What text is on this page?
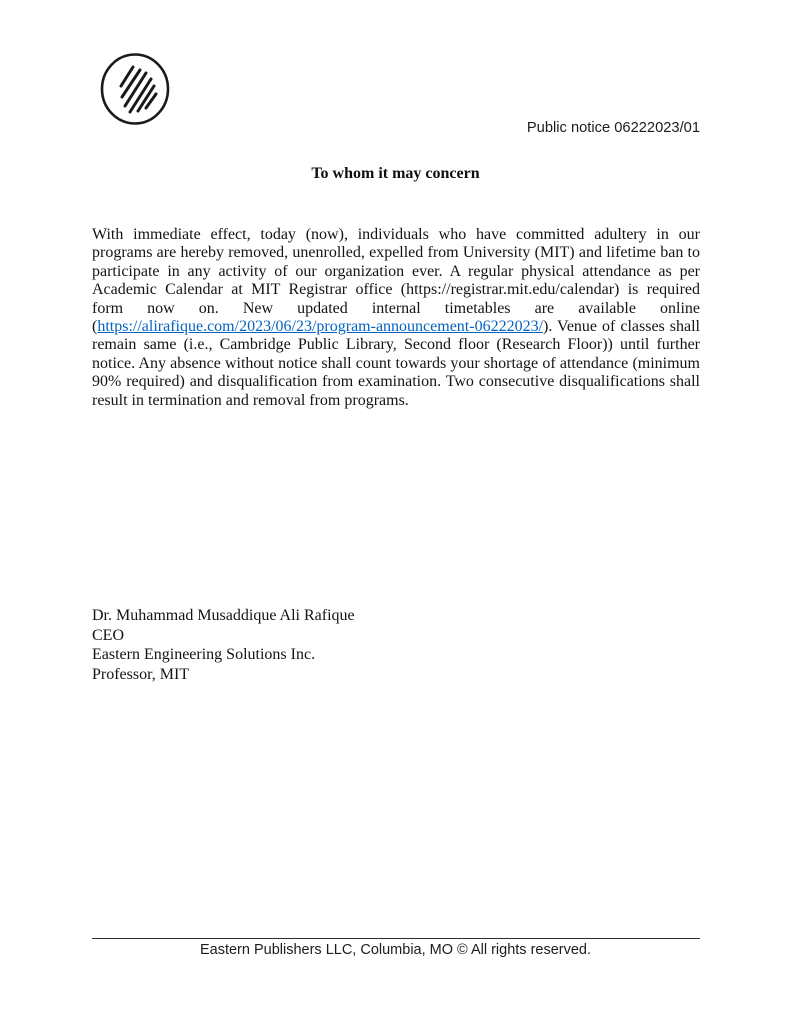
Public notice 06222023/01
To whom it may concern

With immediate effect, today (now), individuals who have committed adultery in our programs are hereby removed, unenrolled, expelled from University (MIT) and lifetime ban to participate in any activity of our organization ever. A regular physical attendance as per Academic Calendar at MIT Registrar office (https://registrar.mit.edu/calendar) is required form now on. New updated internal timetables are available online (https://alirafique.com/2023/06/23/program-announcement-06222023/). Venue of classes shall remain same (i.e., Cambridge Public Library, Second floor (Research Floor)) until further notice. Any absence without notice shall count towards your shortage of attendance (minimum 90% required) and disqualification from examination. Two consecutive disqualifications shall result in termination and removal from programs.

Dr. Muhammad Musaddique Ali Rafique
CEO
Eastern Engineering Solutions Inc.
Professor, MIT
Eastern Publishers LLC, Columbia, MO © All rights reserved.
